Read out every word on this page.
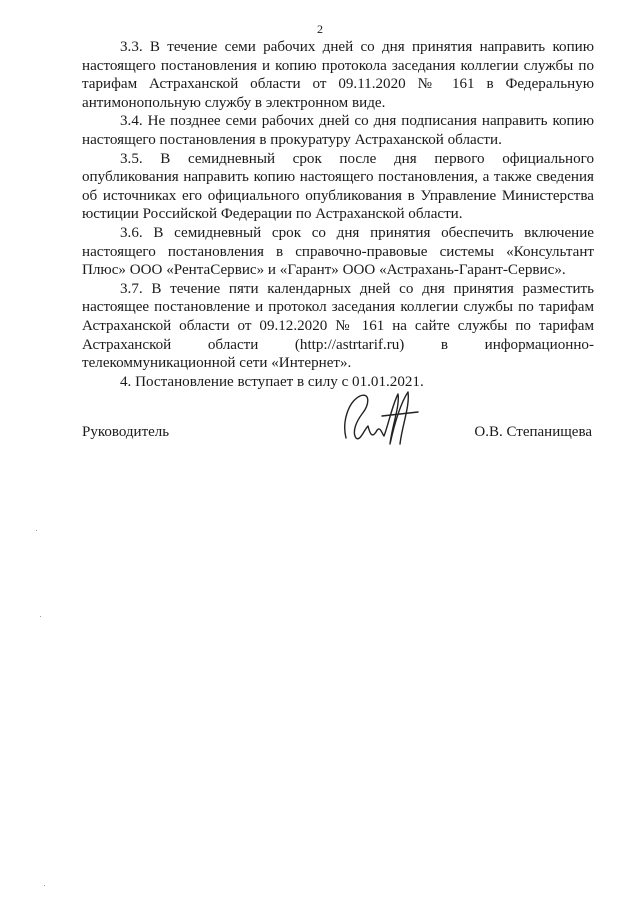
2

3.3. В течение семи рабочих дней со дня принятия направить копию настоящего постановления и копию протокола заседания коллегии службы по тарифам Астраханской области от 09.11.2020 № 161 в Федеральную антимонопольную службу в электронном виде.

3.4. Не позднее семи рабочих дней со дня подписания направить копию настоящего постановления в прокуратуру Астраханской области.

3.5. В семидневный срок после дня первого официального опубликования направить копию настоящего постановления, а также сведения об источниках его официального опубликования в Управление Министерства юстиции Российской Федерации по Астраханской области.

3.6. В семидневный срок со дня принятия обеспечить включение настоящего постановления в справочно-правовые системы «Консультант Плюс» ООО «РентаСервис» и «Гарант» ООО «Астрахань-Гарант-Сервис».

3.7. В течение пяти календарных дней со дня принятия разместить настоящее постановление и протокол заседания коллегии службы по тарифам Астраханской области от 09.12.2020 № 161 на сайте службы по тарифам Астраханской области (http://astrtarif.ru) в информационно-телекоммуникационной сети «Интернет».

4. Постановление вступает в силу с 01.01.2021.

Руководитель	О.В. Степанищева
